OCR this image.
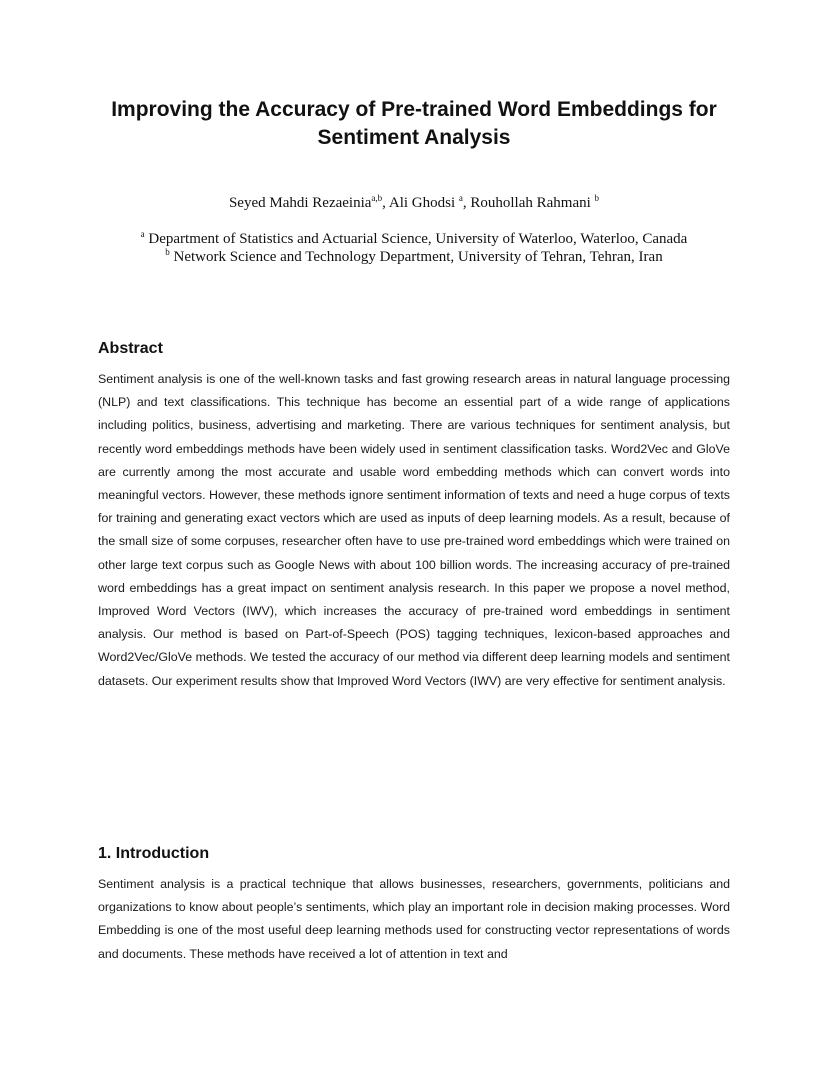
Improving the Accuracy of Pre-trained Word Embeddings for
Sentiment Analysis
Seyed Mahdi Rezaeinia$^{a,b}$, Ali Ghodsi $^a$, Rouhollah Rahmani $^b$
$^a$ Department of Statistics and Actuarial Science, University of Waterloo, Waterloo, Canada
$^b$ Network Science and Technology Department, University of Tehran, Tehran, Iran
Abstract

Sentiment analysis is one of the well-known tasks and fast growing research areas in natural language processing (NLP) and text classifications. This technique has become an essential part of a wide range of applications including politics, business, advertising and marketing. There are various techniques for sentiment analysis, but recently word embeddings methods have been widely used in sentiment classification tasks. Word2Vec and GloVe are currently among the most accurate and usable word embedding methods which can convert words into meaningful vectors. However, these methods ignore sentiment information of texts and need a huge corpus of texts for training and generating exact vectors which are used as inputs of deep learning models. As a result, because of the small size of some corpuses, researcher often have to use pre-trained word embeddings which were trained on other large text corpus such as Google News with about 100 billion words. The increasing accuracy of pre-trained word embeddings has a great impact on sentiment analysis research. In this paper we propose a novel method, Improved Word Vectors (IWV), which increases the accuracy of pre-trained word embeddings in sentiment analysis. Our method is based on Part-of-Speech (POS) tagging techniques, lexicon-based approaches and Word2Vec/GloVe methods. We tested the accuracy of our method via different deep learning models and sentiment datasets. Our experiment results show that Improved Word Vectors (IWV) are very effective for sentiment analysis.

1. Introduction

Sentiment analysis is a practical technique that allows businesses, researchers, governments, politicians and organizations to know about people’s sentiments, which play an important role in decision making processes. Word Embedding is one of the most useful deep learning methods used for constructing vector representations of words and documents. These methods have received a lot of attention in text and
